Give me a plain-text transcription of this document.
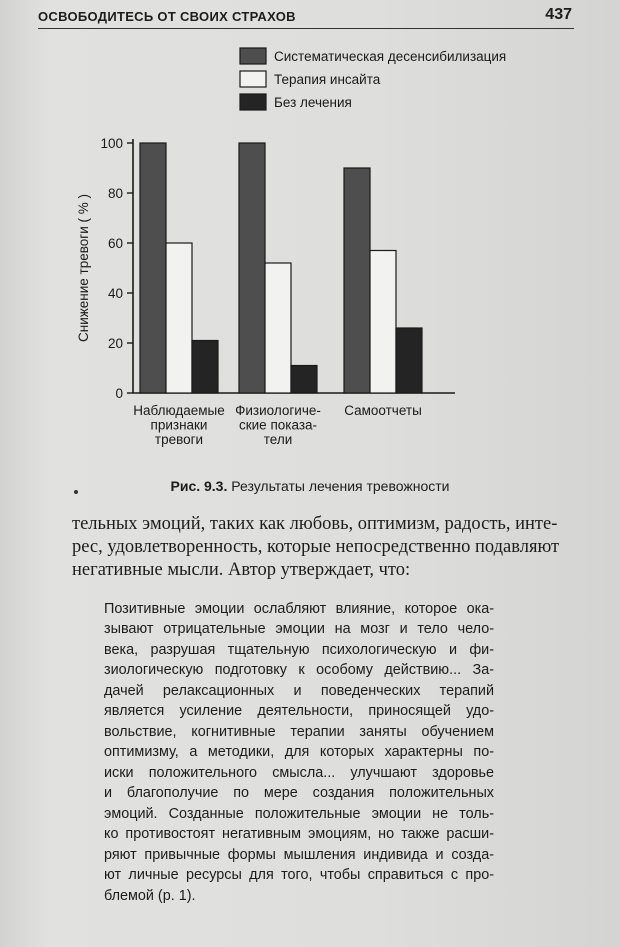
ОСВОБОДИТЕСЬ ОТ СВОИХ СТРАХОВ	437
0
20
40
60
80
100
Снижение тревоги ( % )
Наблюдаемые
признаки
тревоги
Физиологиче-
ские показа-
тели
Самоотчеты
Систематическая десенсибилизация
Терапия инсайта
Без лечения
Рис. 9.3. Результаты лечения тревожности
тельных эмоций, таких как любовь, оптимизм, радость, инте-
рес, удовлетворенность, которые непосредственно подавляют
негативные мысли. Автор утверждает, что:
Позитивные эмоции ослабляют влияние, которое ока-
зывают отрицательные эмоции на мозг и тело чело-
века, разрушая тщательную психологическую и фи-
зиологическую подготовку к особому действию... За-
дачей релаксационных и поведенческих терапий
является усиление деятельности, приносящей удо-
вольствие, когнитивные терапии заняты обучением
оптимизму, а методики, для которых характерны по-
иски положительного смысла... улучшают здоровье
и благополучие по мере создания положительных
эмоций. Созданные положительные эмоции не толь-
ко противостоят негативным эмоциям, но также расши-
ряют привычные формы мышления индивида и созда-
ют личные ресурсы для того, чтобы справиться с про-
блемой (p. 1).
